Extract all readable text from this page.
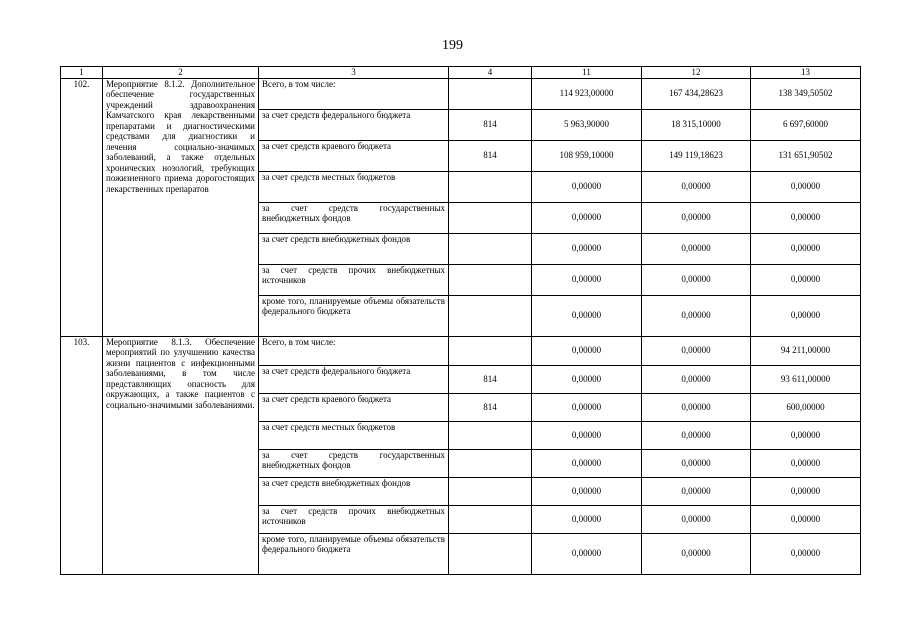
199
1	2	3	4	11	12	13
102.	Мероприятие 8.1.2. Дополнительное обеспечение государственных учреждений здравоохранения Камчатского края лекарственными препаратами и диагностическими средствами для диагностики и лечения социально-значимых заболеваний, а также отдельных хронических нозологий, требующих пожизненного приема дорогостоящих лекарственных препаратов	Всего, в том числе:		114 923,00000	167 434,28623	138 349,50502
		за счет средств федерального бюджета	814	5 963,90000	18 315,10000	6 697,60000
		за счет средств краевого бюджета	814	108 959,10000	149 119,18623	131 651,90502
		за счет средств местных бюджетов		0,00000	0,00000	0,00000
		за счет средств государственных внебюджетных фондов		0,00000	0,00000	0,00000
		за счет средств внебюджетных фондов		0,00000	0,00000	0,00000
		за счет средств прочих внебюджетных источников		0,00000	0,00000	0,00000
		кроме того, планируемые объемы обязательств федерального бюджета		0,00000	0,00000	0,00000
103.	Мероприятие 8.1.3. Обеспечение мероприятий по улучшению качества жизни пациентов с инфекционными заболеваниями, в том числе представляющих опасность для окружающих, а также пациентов с социально-значимыми заболеваниями.	Всего, в том числе:		0,00000	0,00000	94 211,00000
		за счет средств федерального бюджета	814	0,00000	0,00000	93 611,00000
		за счет средств краевого бюджета	814	0,00000	0,00000	600,00000
		за счет средств местных бюджетов		0,00000	0,00000	0,00000
		за счет средств государственных внебюджетных фондов		0,00000	0,00000	0,00000
		за счет средств внебюджетных фондов		0,00000	0,00000	0,00000
		за счет средств прочих внебюджетных источников		0,00000	0,00000	0,00000
		кроме того, планируемые объемы обязательств федерального бюджета		0,00000	0,00000	0,00000
